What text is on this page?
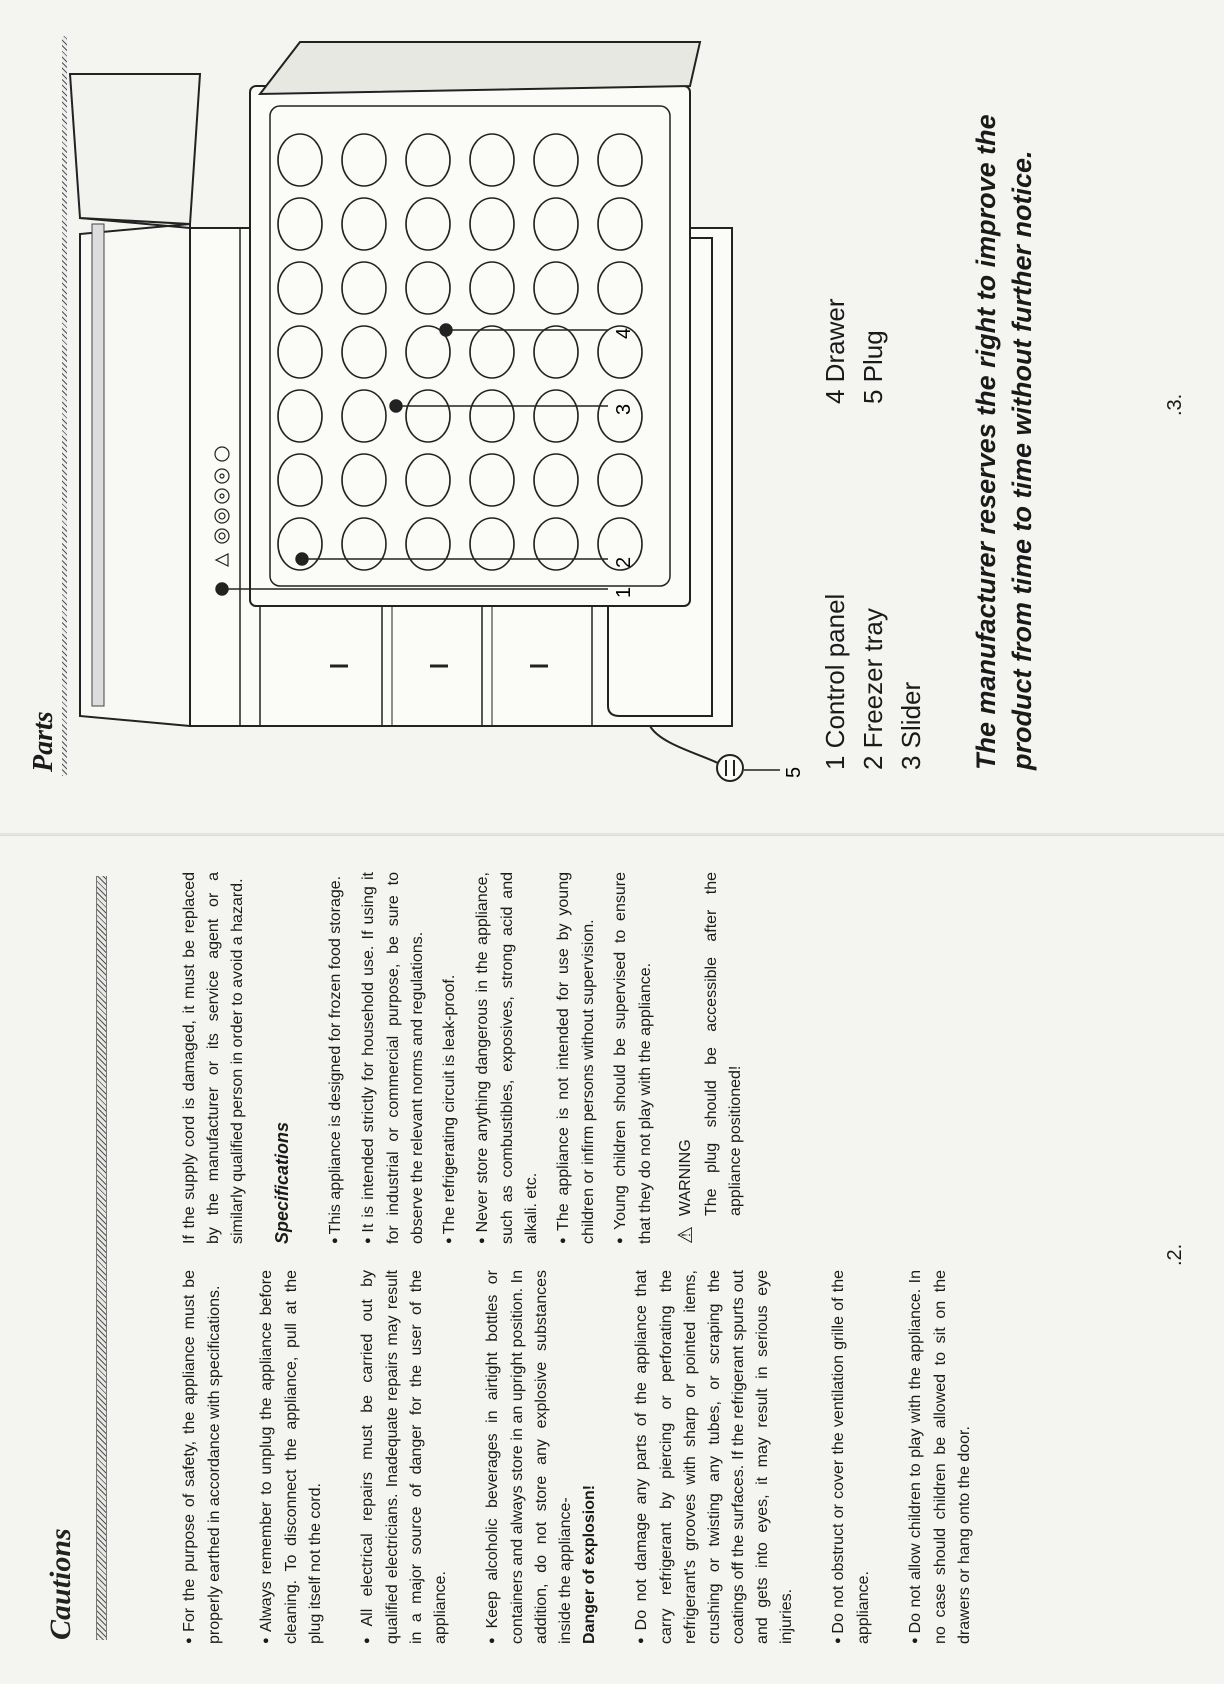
Cautions	● For the purpose of safety, the appliance must be properly earthed in accordance with specifications. ● Always remember to unplug the appliance before cleaning. To disconnect the appliance, pull at the plug itself not the cord. ● All electrical repairs must be carried out by qualified electricians. Inadequate repairs may result in a major source of danger for the user of the appliance. ● Keep alcoholic beverages in airtight bottles or containers and always store in an upright position. In addition, do not store any explosive substances inside the appliance- Danger of explosion! ● Do not damage any parts of the appliance that carry refrigerant by piercing or perforating the refrigerant's grooves with sharp or pointed items, crushing or twisting any tubes, or scraping the coatings off the surfaces. If the refrigerant spurts out and gets into eyes, it may result in serious eye injuries. ● Do not obstruct or cover the ventilation grille of the appliance. ● Do not allow children to play with the appliance. In no case should children be allowed to sit on the drawers or hang onto the door.

If the supply cord is damaged, it must be replaced by the manufacturer or its service agent or a similarly qualified person in order to avoid a hazard. Specifications ● This appliance is designed for frozen food storage.	● It is intended strictly for household use. If using it for industrial or commercial purpose, be sure to observe the relevant norms and regulations. ● The refrigerating circuit is leak-proof.	● Never store anything dangerous in the appliance, such as combustibles, exposives, strong acid and alkali. etc. ● The appliance is not intended for use by young children or infirm persons without supervision. ● Young children should be supervised to ensure that they do not play with the appliance. ⚠
WARNING The plug should be accessible after the appliance positioned!

.2.
Parts
1
2
3
4
5
1 Control panel 2 Freezer tray 3 Slider
4 Drawer 5 Plug	The manufacturer reserves the right to improve the product from time to time without further notice.	.3.
